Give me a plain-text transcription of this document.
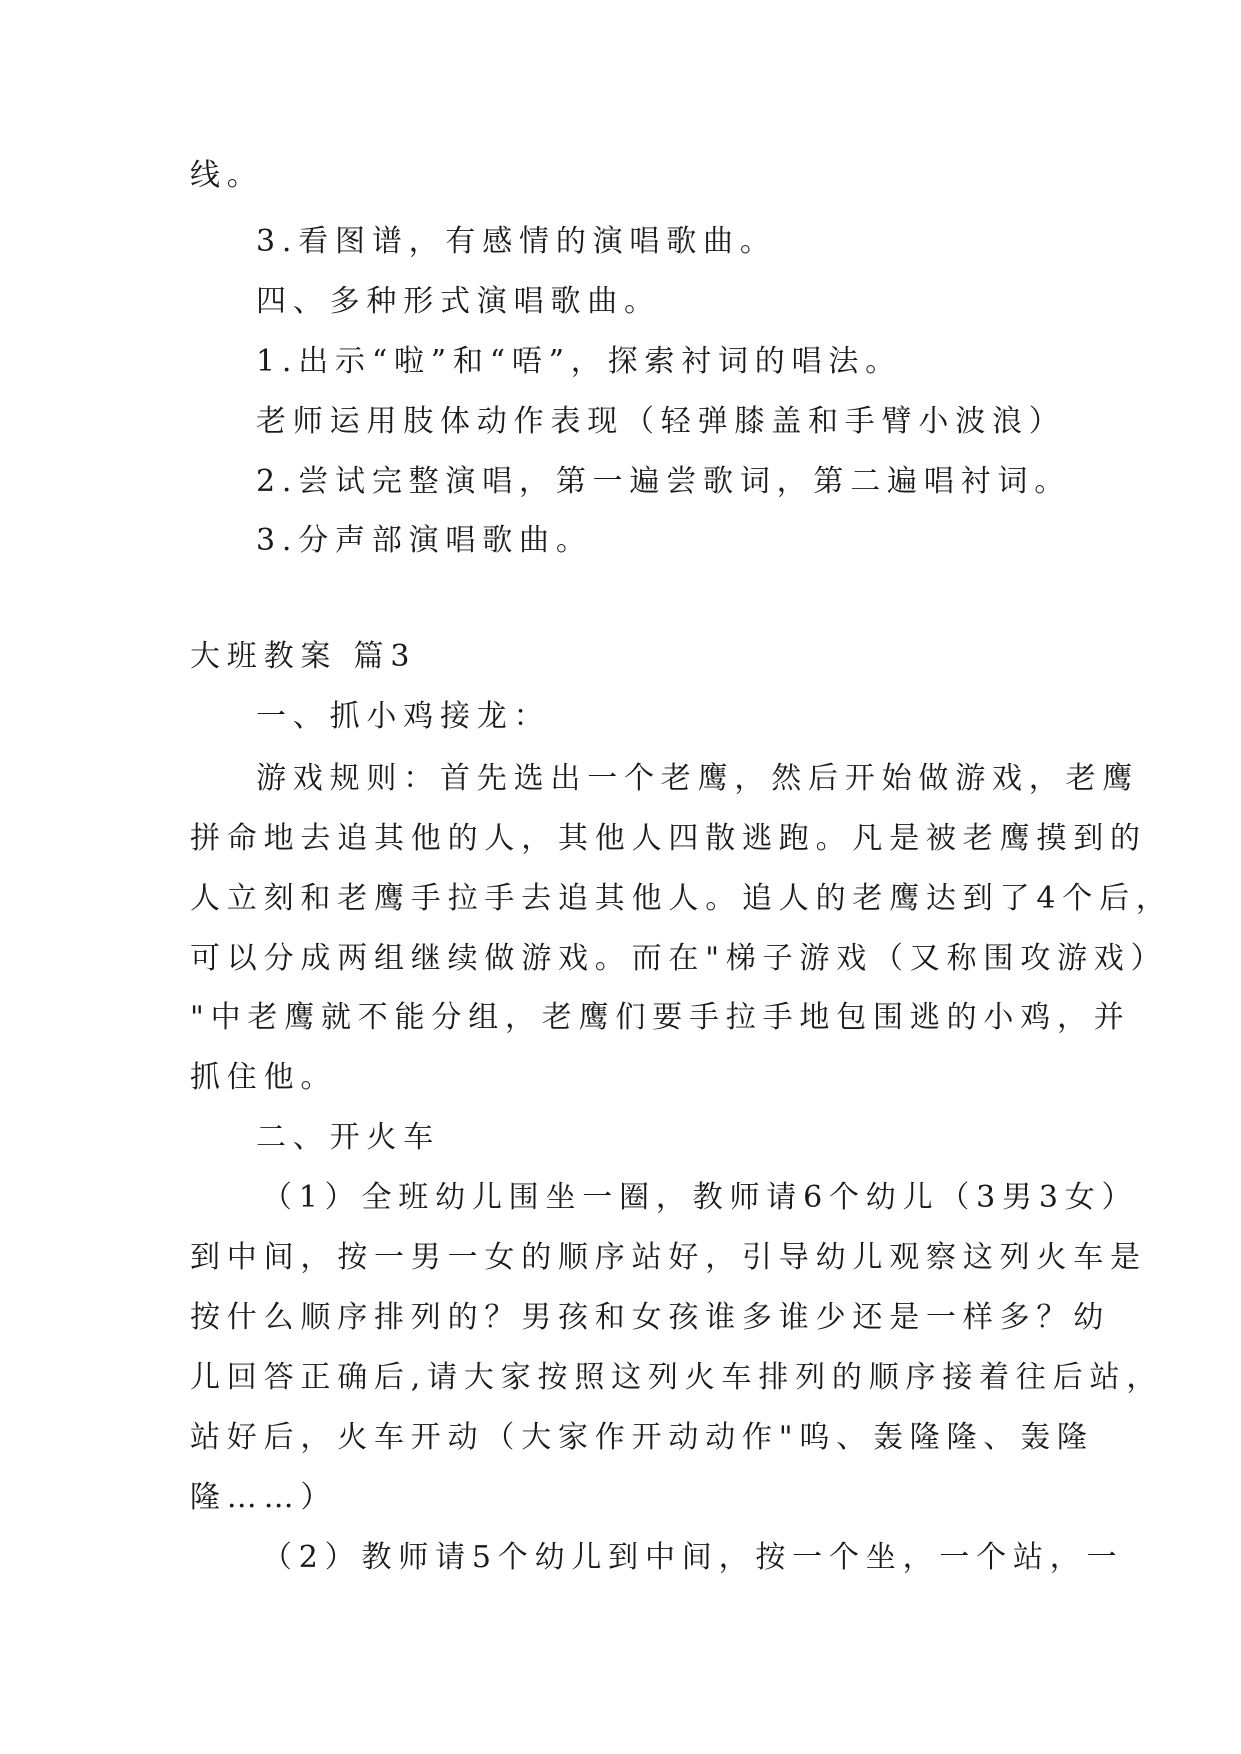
线。
3.看图谱，有感情的演唱歌曲。
四、多种形式演唱歌曲。
1.出示“啦”和“唔”，探索衬词的唱法。
老师运用肢体动作表现（轻弹膝盖和手臂小波浪）
2.尝试完整演唱，第一遍尝歌词，第二遍唱衬词。
3.分声部演唱歌曲。
大班教案 篇3
一、抓小鸡接龙：
游戏规则：首先选出一个老鹰，然后开始做游戏，老鹰
拼命地去追其他的人，其他人四散逃跑。凡是被老鹰摸到的
人立刻和老鹰手拉手去追其他人。追人的老鹰达到了4个后，
可以分成两组继续做游戏。而在"梯子游戏（又称围攻游戏）
"中老鹰就不能分组，老鹰们要手拉手地包围逃的小鸡，并
抓住他。
二、开火车
（1）全班幼儿围坐一圈，教师请6个幼儿（3男3女）
到中间，按一男一女的顺序站好，引导幼儿观察这列火车是
按什么顺序排列的？男孩和女孩谁多谁少还是一样多？幼
儿回答正确后,请大家按照这列火车排列的顺序接着往后站，
站好后，火车开动（大家作开动动作"呜、轰隆隆、轰隆
隆……）
（2）教师请5个幼儿到中间，按一个坐，一个站，一
